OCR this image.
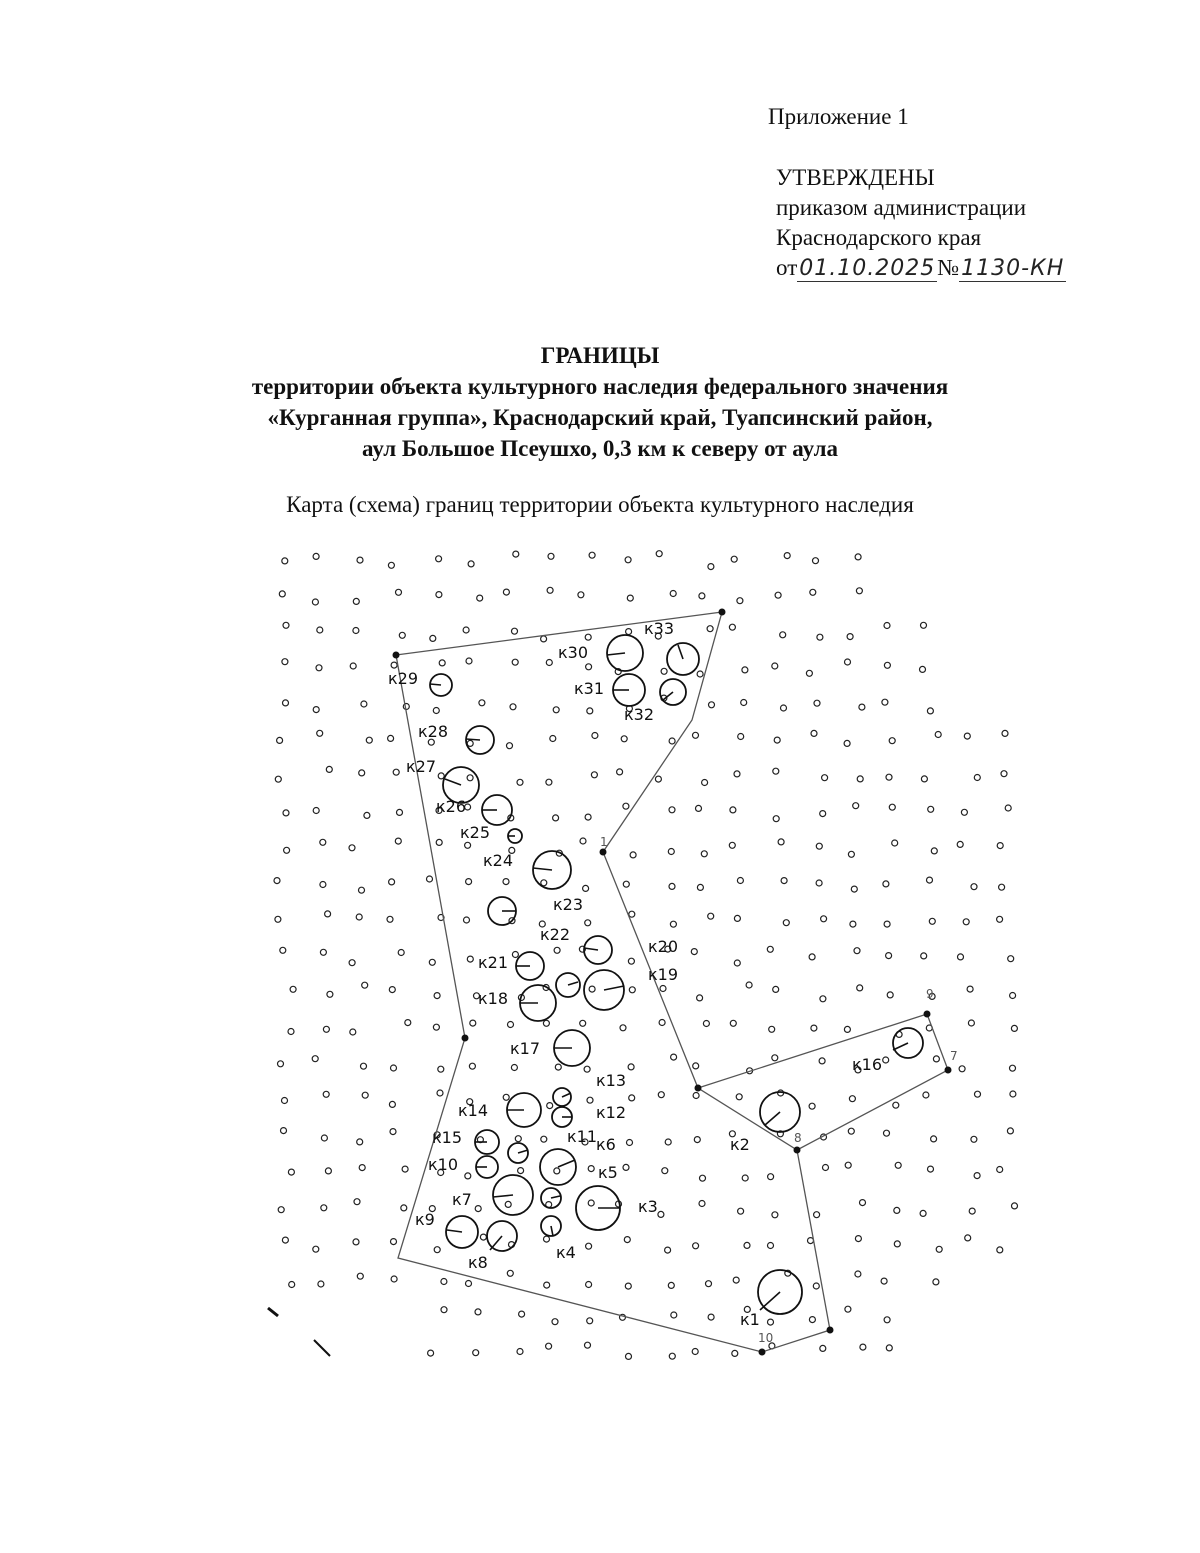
Приложение 1
УТВЕРЖДЕНЫ
приказом администрации
Краснодарского края
от01.10.2025№1130-КН
ГРАНИЦЫ
территории объекта культурного наследия федерального значения
«Курганная группа», Краснодарский край, Туапсинский район,
аул Большое Псеушхо, 0,3 км к северу от аула
Карта (схема) границ территории объекта культурного наследия
к1
к2
к3
к4
к5
к6
к7
к8
к9
к10
к11
к12
к13
к14
к15
к16
к17
к18
к19
к20
к21
к22
к23
к24
к25
к26
к27
к28
к29
к30
к31
к32
к33
1
7
8
9
10
